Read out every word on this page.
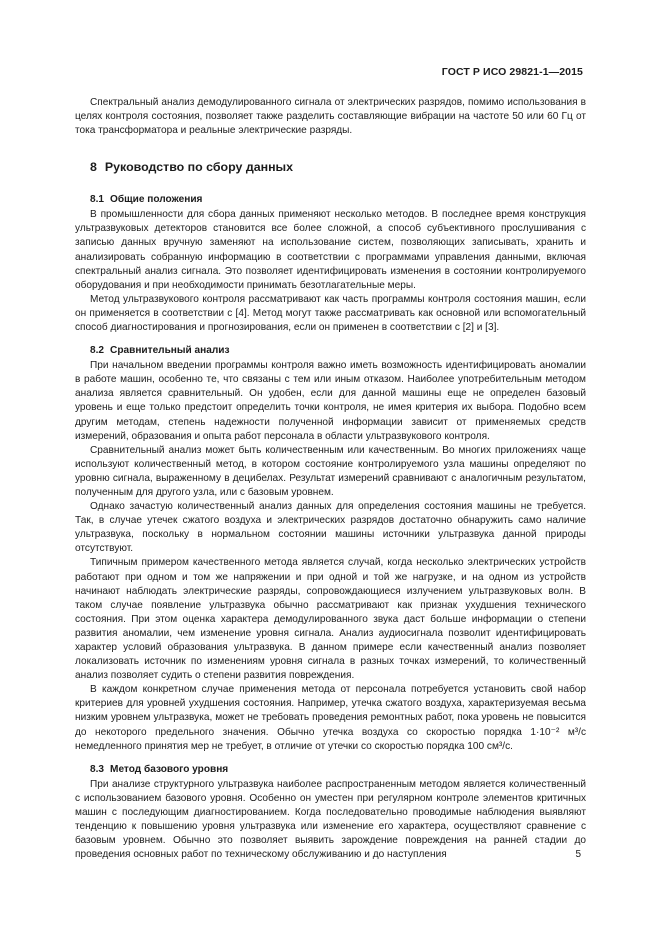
ГОСТ Р ИСО 29821-1—2015

Спектральный анализ демодулированного сигнала от электрических разрядов, помимо использования в целях контроля состояния, позволяет также разделить составляющие вибрации на частоте 50 или 60 Гц от тока трансформатора и реальные электрические разряды.

8 Руководство по сбору данных
8.1 Общие положения

В промышленности для сбора данных применяют несколько методов. В последнее время конструкция ультразвуковых детекторов становится все более сложной, а способ субъективного прослушивания с записью данных вручную заменяют на использование систем, позволяющих записывать, хранить и анализировать собранную информацию в соответствии с программами управления данными, включая спектральный анализ сигнала. Это позволяет идентифицировать изменения в состоянии контролируемого оборудования и при необходимости принимать безотлагательные меры.

Метод ультразвукового контроля рассматривают как часть программы контроля состояния машин, если он применяется в соответствии с [4]. Метод могут также рассматривать как основной или вспомогательный способ диагностирования и прогнозирования, если он применен в соответствии с [2] и [3].

8.2 Сравнительный анализ

При начальном введении программы контроля важно иметь возможность идентифицировать аномалии в работе машин, особенно те, что связаны с тем или иным отказом. Наиболее употребительным методом анализа является сравнительный. Он удобен, если для данной машины еще не определен базовый уровень и еще только предстоит определить точки контроля, не имея критерия их выбора. Подобно всем другим методам, степень надежности полученной информации зависит от применяемых средств измерений, образования и опыта работ персонала в области ультразвукового контроля.

Сравнительный анализ может быть количественным или качественным. Во многих приложениях чаще используют количественный метод, в котором состояние контролируемого узла машины определяют по уровню сигнала, выраженному в децибелах. Результат измерений сравнивают с аналогичным результатом, полученным для другого узла, или с базовым уровнем.

Однако зачастую количественный анализ данных для определения состояния машины не требуется. Так, в случае утечек сжатого воздуха и электрических разрядов достаточно обнаружить само наличие ультразвука, поскольку в нормальном состоянии машины источники ультразвука данной природы отсутствуют.

Типичным примером качественного метода является случай, когда несколько электрических устройств работают при одном и том же напряжении и при одной и той же нагрузке, и на одном из устройств начинают наблюдать электрические разряды, сопровождающиеся излучением ультразвуковых волн. В таком случае появление ультразвука обычно рассматривают как признак ухудшения технического состояния. При этом оценка характера демодулированного звука даст больше информации о степени развития аномалии, чем изменение уровня сигнала. Анализ аудиосигнала позволит идентифицировать характер условий образования ультразвука. В данном примере если качественный анализ позволяет локализовать источник по изменениям уровня сигнала в разных точках измерений, то количественный анализ позволяет судить о степени развития повреждения.

В каждом конкретном случае применения метода от персонала потребуется установить свой набор критериев для уровней ухудшения состояния. Например, утечка сжатого воздуха, характеризуемая весьма низким уровнем ультразвука, может не требовать проведения ремонтных работ, пока уровень не повысится до некоторого предельного значения. Обычно утечка воздуха со скоростью порядка 1·10⁻² м³/с немедленного принятия мер не требует, в отличие от утечки со скоростью порядка 100 см³/с.

8.3 Метод базового уровня

При анализе структурного ультразвука наиболее распространенным методом является количественный с использованием базового уровня. Особенно он уместен при регулярном контроле элементов критичных машин с последующим диагностированием. Когда последовательно проводимые наблюдения выявляют тенденцию к повышению уровня ультразвука или изменение его характера, осуществляют сравнение с базовым уровнем. Обычно это позволяет выявить зарождение повреждения на ранней стадии до проведения основных работ по техническому обслуживанию и до наступления	5
